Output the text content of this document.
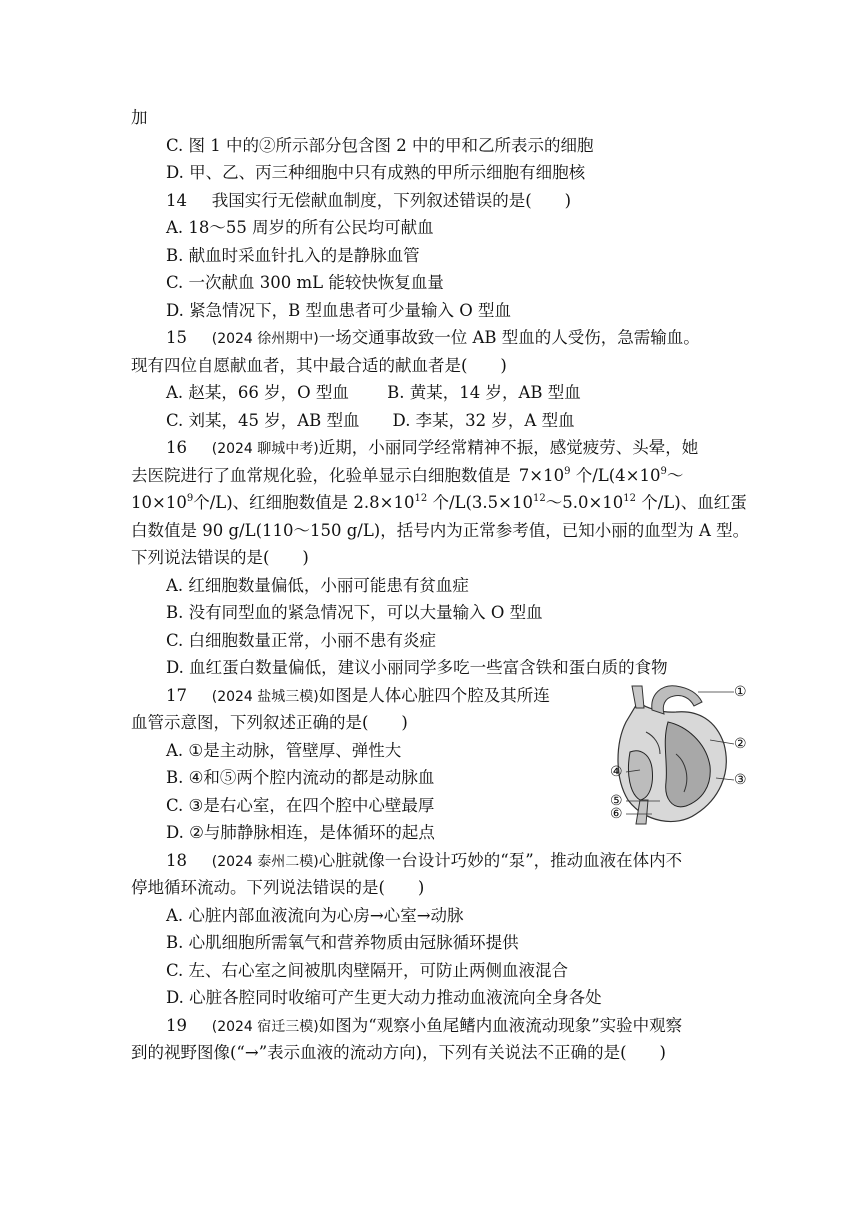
加
C. 图 1 中的②所示部分包含图 2 中的甲和乙所表示的细胞
D. 甲、乙、丙三种细胞中只有成熟的甲所示细胞有细胞核
14   我国实行无偿献血制度，下列叙述错误的是(　　)
A. 18～55 周岁的所有公民均可献血
B. 献血时采血针扎入的是静脉血管
C. 一次献血 300 mL 能较快恢复血量
D. 紧急情况下，B 型血患者可少量输入 O 型血
15   (2024 徐州期中)一场交通事故致一位 AB 型血的人受伤，急需输血。
现有四位自愿献血者，其中最合适的献血者是(　　)
A. 赵某，66 岁，O 型血　　 B. 黄某，14 岁，AB 型血
C. 刘某，45 岁，AB 型血　　D. 李某，32 岁，A 型血
16   (2024 聊城中考)近期，小丽同学经常精神不振，感觉疲劳、头晕，她
去医院进行了血常规化验，化验单显示白细胞数值是  $7\times 10^9$ 个$/L(4\times 10^9\sim$
$10\times 10^9$个/L)、红细胞数值是 $2.8\times 10^{12}$ 个$/L(3.5\times 10^{12}\sim 5.0\times 10^{12}$ 个/L)、血红蛋
白数值是 90 g/L(110～150 g/L)，括号内为正常参考值，已知小丽的血型为 A 型。
下列说法错误的是(　　)
A. 红细胞数量偏低，小丽可能患有贫血症
B. 没有同型血的紧急情况下，可以大量输入 O 型血
C. 白细胞数量正常，小丽不患有炎症
D. 血红蛋白数量偏低，建议小丽同学多吃一些富含铁和蛋白质的食物
17   (2024 盐城三模)如图是人体心脏四个腔及其所连
血管示意图，下列叙述正确的是(　　)
A. ①是主动脉，管壁厚、弹性大
B. ④和⑤两个腔内流动的都是动脉血
C. ③是右心室，在四个腔中心壁最厚
D. ②与肺静脉相连，是体循环的起点
①
②
③
④
⑤
⑥
18   (2024 泰州二模)心脏就像一台设计巧妙的“泵”，推动血液在体内不
停地循环流动。下列说法错误的是(　　)
A. 心脏内部血液流向为心房→心室→动脉
B. 心肌细胞所需氧气和营养物质由冠脉循环提供
C. 左、右心室之间被肌肉壁隔开，可防止两侧血液混合
D. 心脏各腔同时收缩可产生更大动力推动血液流向全身各处
19   (2024 宿迁三模)如图为“观察小鱼尾鳍内血液流动现象”实验中观察
到的视野图像(“→”表示血液的流动方向)，下列有关说法不正确的是(　　)
